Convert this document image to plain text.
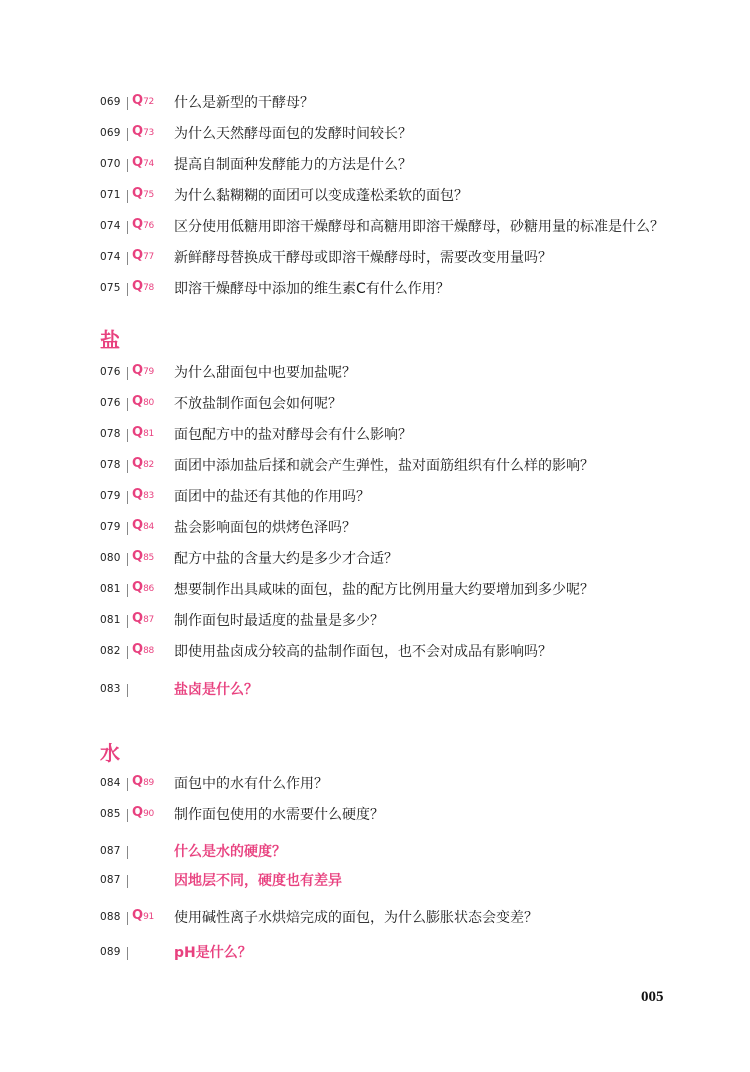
069 Q72 什么是新型的干酵母？
069 Q73 为什么天然酵母面包的发酵时间较长？
070 Q74 提高自制面种发酵能力的方法是什么？
071 Q75 为什么黏糊糊的面团可以变成蓬松柔软的面包？
074 Q76 区分使用低糖用即溶干燥酵母和高糖用即溶干燥酵母，砂糖用量的标准是什么？
074 Q77 新鲜酵母替换成干酵母或即溶干燥酵母时，需要改变用量吗？
075 Q78 即溶干燥酵母中添加的维生素C有什么作用？
盐
076 Q79 为什么甜面包中也要加盐呢？
076 Q80 不放盐制作面包会如何呢？
078 Q81 面包配方中的盐对酵母会有什么影响？
078 Q82 面团中添加盐后揉和就会产生弹性，盐对面筋组织有什么样的影响？
079 Q83 面团中的盐还有其他的作用吗？
079 Q84 盐会影响面包的烘烤色泽吗？
080 Q85 配方中盐的含量大约是多少才合适？
081 Q86 想要制作出具咸味的面包，盐的配方比例用量大约要增加到多少呢？
081 Q87 制作面包时最适度的盐量是多少？
082 Q88 即使用盐卤成分较高的盐制作面包，也不会对成品有影响吗？
083	盐卤是什么？
水
084 Q89 面包中的水有什么作用？
085 Q90 制作面包使用的水需要什么硬度？
087	什么是水的硬度？
087	因地层不同，硬度也有差异
088 Q91 使用碱性离子水烘焙完成的面包，为什么膨胀状态会变差？
089	pH是什么？
005
